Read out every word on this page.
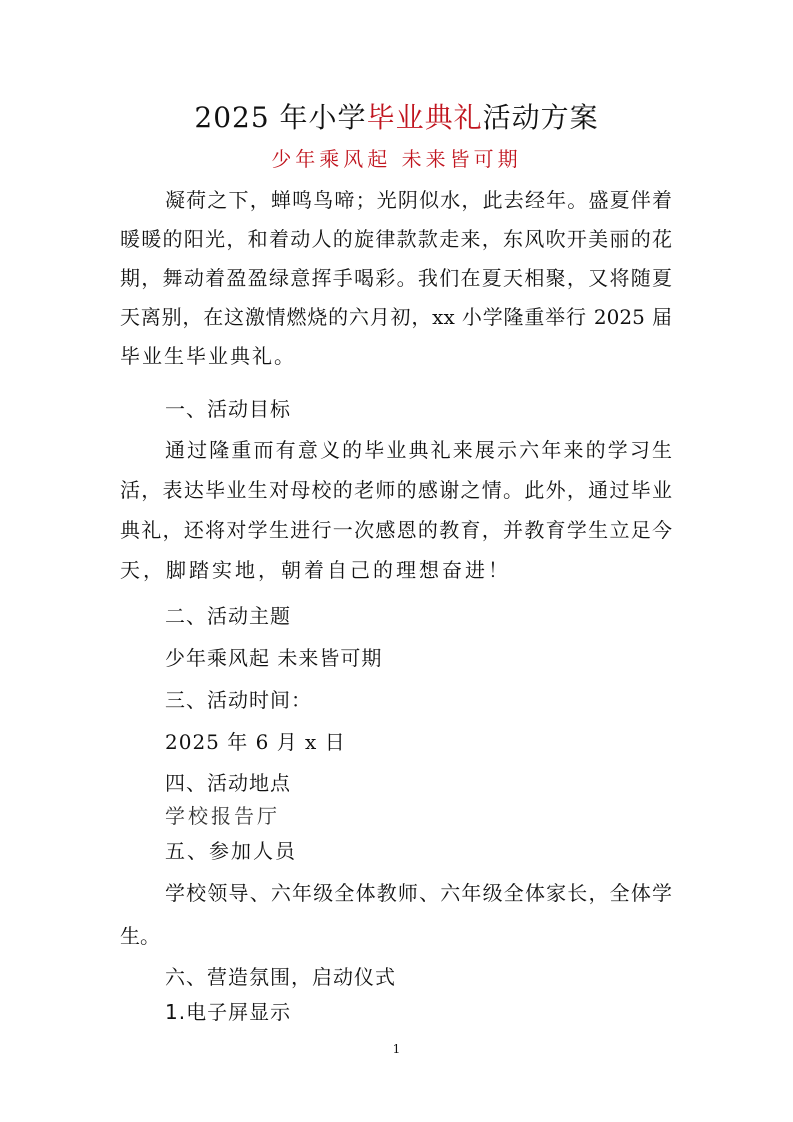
2025 年小学毕业典礼活动方案
少年乘风起 未来皆可期
凝荷之下，蝉鸣鸟啼；光阴似水，此去经年。盛夏伴着
暖暖的阳光，和着动人的旋律款款走来，东风吹开美丽的花
期，舞动着盈盈绿意挥手喝彩。我们在夏天相聚，又将随夏
天离别，在这激情燃烧的六月初，xx 小学隆重举行 2025 届
毕业生毕业典礼。
一、活动目标
通过隆重而有意义的毕业典礼来展示六年来的学习生
活，表达毕业生对母校的老师的感谢之情。此外，通过毕业
典礼，还将对学生进行一次感恩的教育，并教育学生立足今
天，脚踏实地，朝着自己的理想奋进！
二、活动主题
少年乘风起 未来皆可期
三、活动时间：
2025 年 6 月 x 日
四、活动地点
学校报告厅
五、参加人员
学校领导、六年级全体教师、六年级全体家长，全体学
生。
六、营造氛围，启动仪式
1.电子屏显示
1
